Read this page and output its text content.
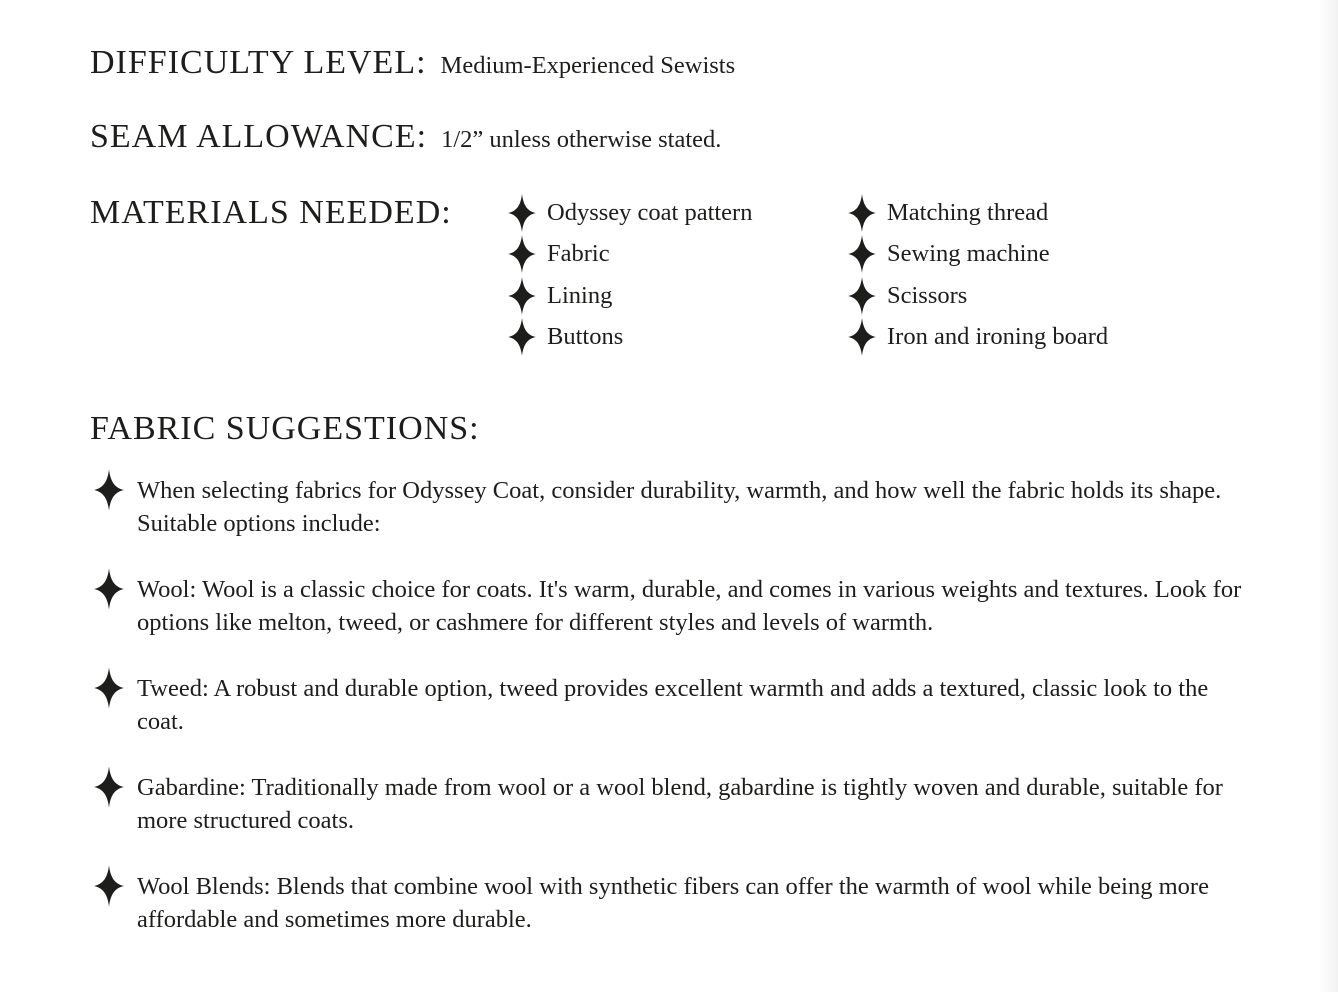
DIFFICULTY LEVEL: Medium-Experienced Sewists
SEAM ALLOWANCE: 1/2” unless otherwise stated.
MATERIALS NEEDED:	Odyssey coat pattern
Fabric
Lining
Buttons
Matching thread
Sewing machine
Scissors
Iron and ironing board
FABRIC SUGGESTIONS:

When selecting fabrics for Odyssey Coat, consider durability, warmth, and how well the fabric holds its shape. Suitable options include:

Wool: Wool is a classic choice for coats. It's warm, durable, and comes in various weights and textures. Look for options like melton, tweed, or cashmere for different styles and levels of warmth.

Tweed: A robust and durable option, tweed provides excellent warmth and adds a textured, classic look to the coat.

Gabardine: Traditionally made from wool or a wool blend, gabardine is tightly woven and durable, suitable for more structured coats.

Wool Blends: Blends that combine wool with synthetic fibers can offer the warmth of wool while being more affordable and sometimes more durable.
